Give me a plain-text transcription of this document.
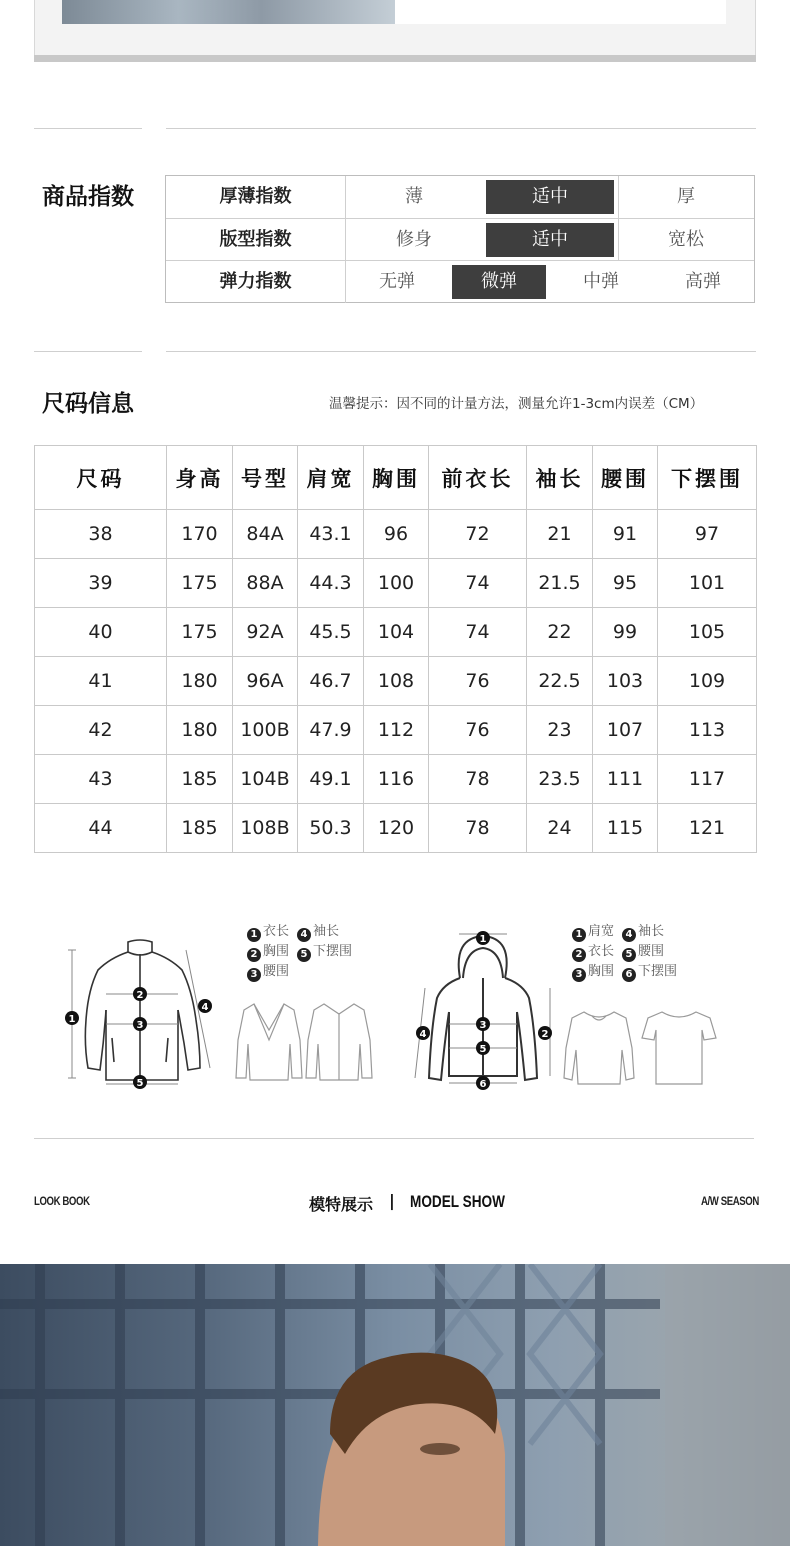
商品指数	厚薄指数	薄	适中	厚
版型指数	修身	适中	宽松
弹力指数	无弹	微弹	中弹	高弹
尺码信息	温馨提示：因不同的计量方法，测量允许1-3cm内误差（CM）
尺码	身高	号型	肩宽	胸围	前衣长	袖长	腰围	下摆围
38	170	84A	43.1	96	72	21	91	97
39	175	88A	44.3	100	74	21.5	95	101
40	175	92A	45.5	104	74	22	99	105
41	180	96A	46.7	108	76	22.5	103	109
42	180	100B	47.9	112	76	23	107	113
43	185	104B	49.1	116	78	23.5	111	117
44	185	108B	50.3	120	78	24	115	121
1
2
3
4
5
1 衣长 4 袖长
2 胸围 5 下摆围
3 腰围
1
2
3
4
5
6
1 肩宽 4 袖长
2 衣长 5 腰围
3 胸围 6 下摆围
LOOK BOOK	模特展示 | MODEL SHOW	A/W SEASON
